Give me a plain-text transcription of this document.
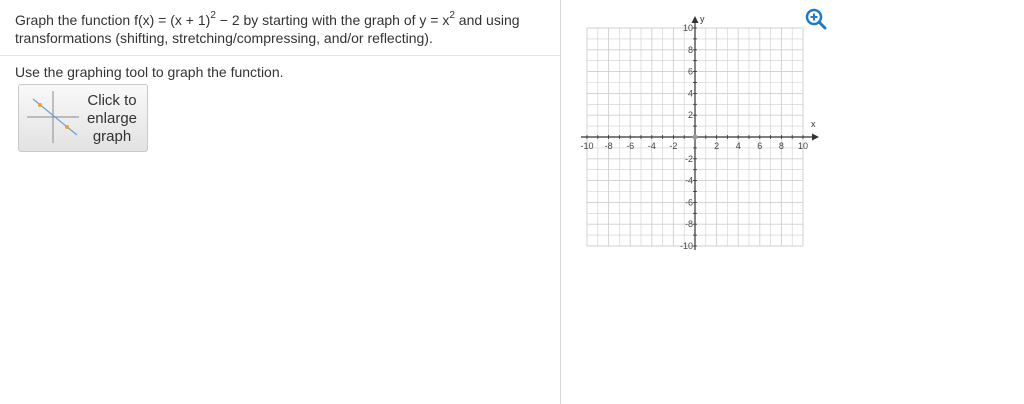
Graph the function $f(x) = (x + 1)^2 - 2$ by starting with the graph of $y = x^2$ and using transformations (shifting, stretching/compressing, and/or reflecting).
Use the graphing tool to graph the function.
Click to
enlarge
graph
x
y
-10 -8 -6 -4 -2	2 4 6 8 10
10
8
6
4
2
-2
-4
-6
-8
-10
